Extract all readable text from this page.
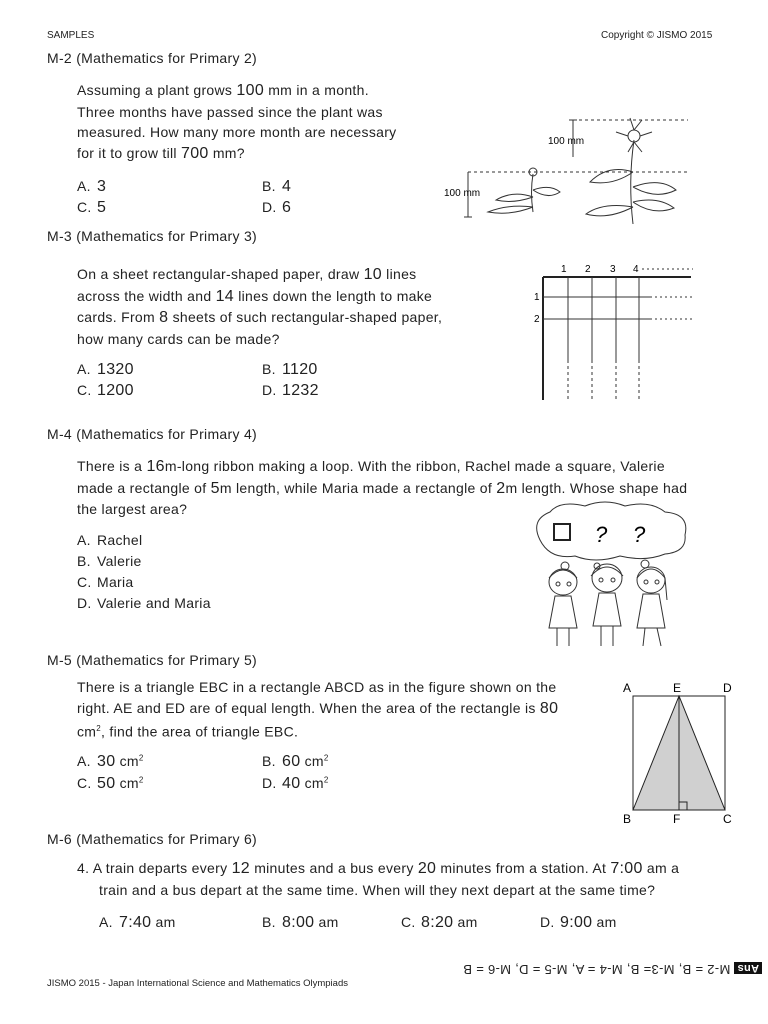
SAMPLES	Copyright © JISMO 2015
M-2 (Mathematics for Primary 2)
Assuming a plant grows 100 mm in a month.
Three months have passed since the plant was
measured. How many more month are necessary
for it to grow till 700 mm?
A. 3	B. 4
C. 5	D. 6
100 mm
100 mm
M-3 (Mathematics for Primary 3)
On a sheet rectangular-shaped paper, draw 10 lines
across the width and 14 lines down the length to make
cards. From 8 sheets of such rectangular-shaped paper,
how many cards can be made?
A. 1320	B. 1120
C. 1200	D. 1232
1 2 3 4
1
2
M-4 (Mathematics for Primary 4)
There is a 16m-long ribbon making a loop. With the ribbon, Rachel made a square, Valerie
made a rectangle of 5m length, while Maria made a rectangle of 2m length. Whose shape had
the largest area?
A. Rachel
B. Valerie
C. Maria
D. Valerie and Maria
? ?
M-5 (Mathematics for Primary 5)
There is a triangle EBC in a rectangle ABCD as in the figure shown on the
right. AE and ED are of equal length. When the area of the rectangle is 80
$cm^2$, find the area of triangle EBC.
A. 30 $cm^2$	B. 60 $cm^2$
C. 50 $cm^2$	D. 40 $cm^2$
A	E	D
B	F	C
M-6 (Mathematics for Primary 6)
4. A train departs every 12 minutes and a bus every 20 minutes from a station. At 7:00 am a
train and a bus depart at the same time. When will they next depart at the same time?
A. 7:40 am	B. 8:00 am	C. 8:20 am	D. 9:00 am
AnsM-2 = B, M-3= B, M-4 = A, M-5 = D, M-6 = B
JISMO 2015 - Japan International Science and Mathematics Olympiads
